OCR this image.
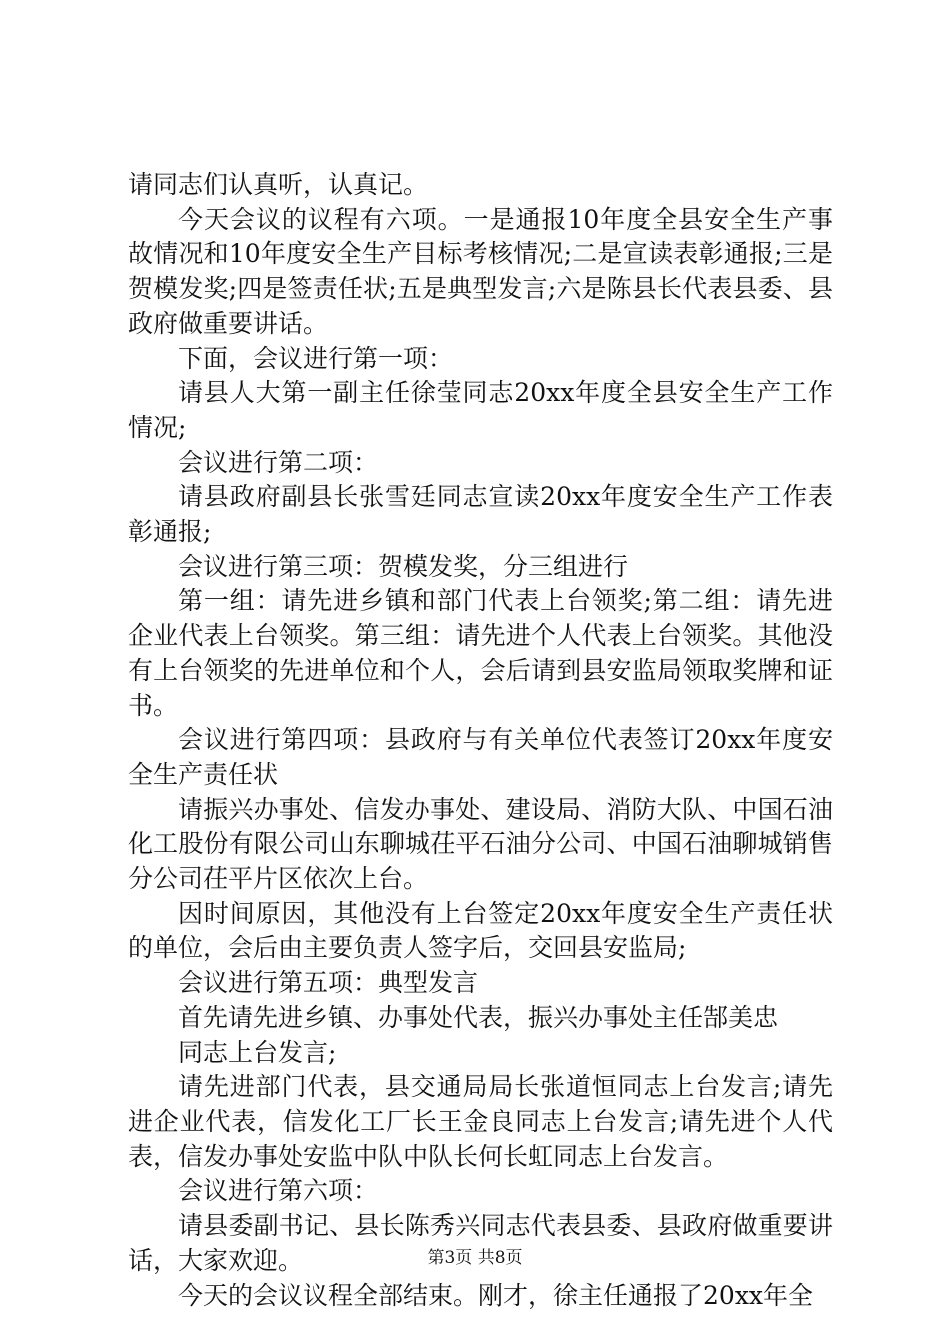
请同志们认真听，认真记。

今天会议的议程有六项。一是通报10年度全县安全生产事故情况和10年度安全生产目标考核情况;二是宣读表彰通报;三是贺模发奖;四是签责任状;五是典型发言;六是陈县长代表县委、县政府做重要讲话。

下面，会议进行第一项：

请县人大第一副主任徐莹同志20xx年度全县安全生产工作情况;

会议进行第二项：

请县政府副县长张雪廷同志宣读20xx年度安全生产工作表彰通报;

会议进行第三项：贺模发奖，分三组进行

第一组：请先进乡镇和部门代表上台领奖;第二组：请先进企业代表上台领奖。第三组：请先进个人代表上台领奖。其他没有上台领奖的先进单位和个人，会后请到县安监局领取奖牌和证书。

会议进行第四项：县政府与有关单位代表签订20xx年度安全生产责任状

请振兴办事处、信发办事处、建设局、消防大队、中国石油化工股份有限公司山东聊城茌平石油分公司、中国石油聊城销售分公司茌平片区依次上台。

因时间原因，其他没有上台签定20xx年度安全生产责任状的单位，会后由主要负责人签字后，交回县安监局;

会议进行第五项：典型发言

首先请先进乡镇、办事处代表，振兴办事处主任郜美忠

同志上台发言;

请先进部门代表，县交通局局长张道恒同志上台发言;请先进企业代表，信发化工厂长王金良同志上台发言;请先进个人代表，信发办事处安监中队中队长何长虹同志上台发言。

会议进行第六项：

请县委副书记、县长陈秀兴同志代表县委、县政府做重要讲话，大家欢迎。

今天的会议议程全部结束。刚才，徐主任通报了20xx年全

第3页 共8页
